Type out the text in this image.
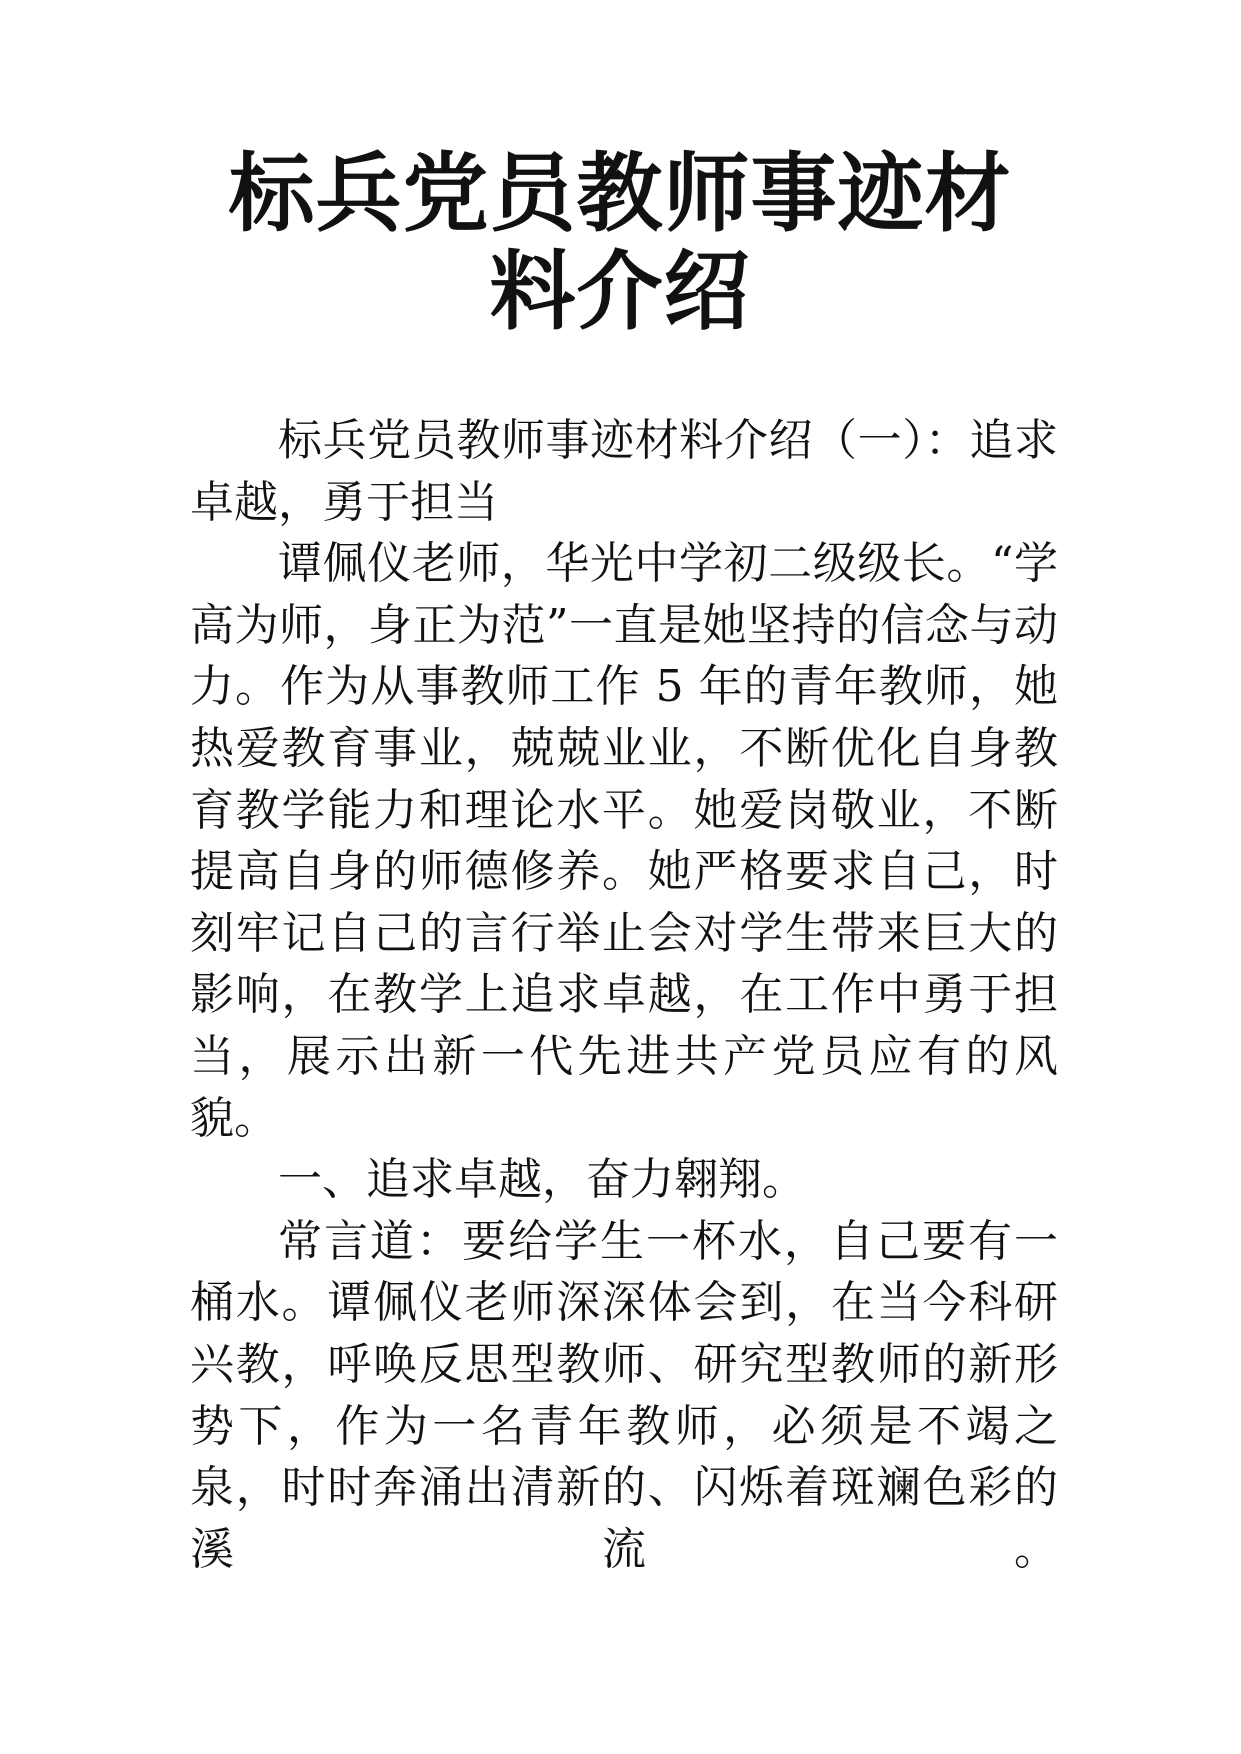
标兵党员教师事迹材料介绍

标兵党员教师事迹材料介绍（一）：追求卓越，勇于担当

谭佩仪老师，华光中学初二级级长。“学高为师，身正为范”一直是她坚持的信念与动力。作为从事教师工作 5 年的青年教师，她热爱教育事业，兢兢业业，不断优化自身教育教学能力和理论水平。她爱岗敬业，不断提高自身的师德修养。她严格要求自己，时刻牢记自己的言行举止会对学生带来巨大的影响，在教学上追求卓越，在工作中勇于担当，展示出新一代先进共产党员应有的风貌。

一、追求卓越，奋力翱翔。

常言道：要给学生一杯水，自己要有一桶水。谭佩仪老师深深体会到，在当今科研兴教，呼唤反思型教师、研究型教师的新形势下，作为一名青年教师，必须是不竭之泉，时时奔涌出清新的、闪烁着斑斓色彩的溪流。
